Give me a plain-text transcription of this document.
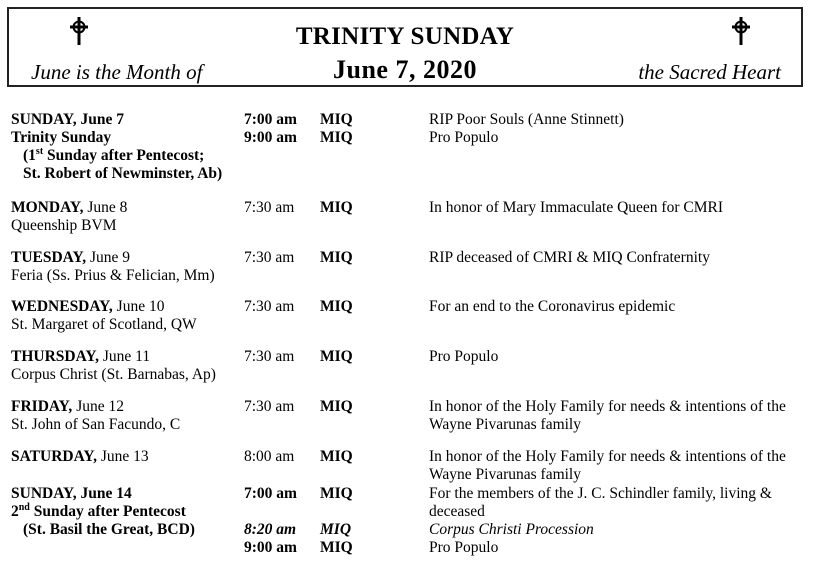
TRINITY SUNDAY
June 7, 2020
June is the Month of	the Sacred Heart
SUNDAY, June 7
Trinity Sunday
(1st Sunday after Pentecost;
St. Robert of Newminster, Ab)
7:00 am MIQ	RIP Poor Souls (Anne Stinnett)
9:00 am MIQ	Pro Populo
MONDAY, June 8
Queenship BVM
7:30 am MIQ	In honor of Mary Immaculate Queen for CMRI
TUESDAY, June 9
Feria (Ss. Prius & Felician, Mm)
7:30 am MIQ	RIP deceased of CMRI & MIQ Confraternity
WEDNESDAY, June 10
St. Margaret of Scotland, QW
7:30 am MIQ	For an end to the Coronavirus epidemic
THURSDAY, June 11
Corpus Christ (St. Barnabas, Ap)
7:30 am MIQ	Pro Populo
FRIDAY, June 12
St. John of San Facundo, C
7:30 am MIQ	In honor of the Holy Family for needs & intentions of the Wayne Pivarunas family
SATURDAY, June 13	8:00 am MIQ	In honor of the Holy Family for needs & intentions of the Wayne Pivarunas family
SUNDAY, June 14
2nd Sunday after Pentecost
(St. Basil the Great, BCD)
7:00 am MIQ	For the members of the J. C. Schindler family, living & deceased
8:20 am MIQ	Corpus Christi Procession
9:00 am MIQ	Pro Populo
